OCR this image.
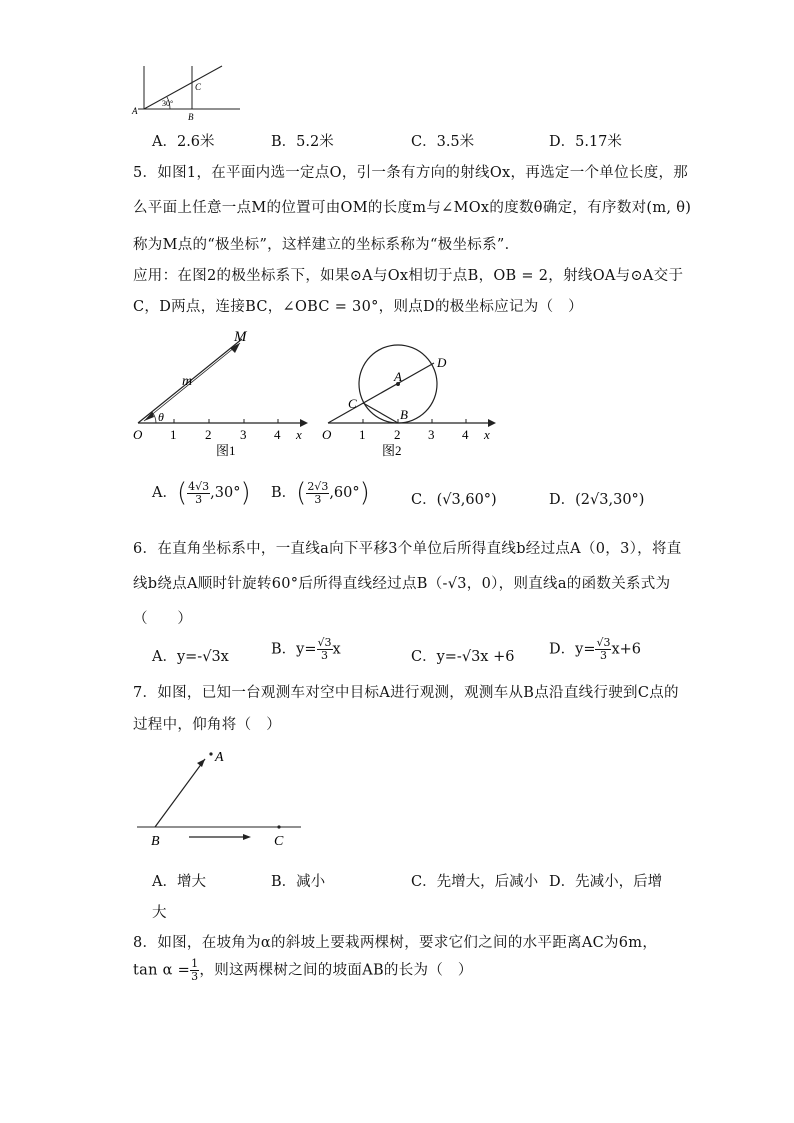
A
B
C
30°
A．2.6米	B．5.2米	C．3.5米	D．5.17米
5．如图1，在平面内选一定点O，引一条有方向的射线Ox，再选定一个单位长度，那
么平面上任意一点M的位置可由OM的长度m与∠MOx的度数θ确定，有序数对(m, θ)
称为M点的“极坐标”，这样建立的坐标系称为“极坐标系”．
应用：在图2的极坐标系下，如果⊙A与Ox相切于点B，OB = 2，射线OA与⊙A交于
C，D两点，连接BC，∠OBC = 30°，则点D的极坐标应记为（　）
O 1 2 3 4 x
m
M
θ
图1
O 1 2 3 4 x
A
B
C
D
图2
A．( $\frac{4√3}{3} ,30^\circ$) B．( $\frac{2√3}{3} ,60^\circ$)	C．(√3,60°)	D．(2√3,30°)
6．在直角坐标系中，一直线a向下平移3个单位后所得直线b经过点A（0，3），将直
线b绕点A顺时针旋转60°后所得直线经过点B（-√3，0），则直线a的函数关系式为
（　　）
A．y=-√3x	B．$y= \frac{√3}{3}$ x	C．y=-√3x +6 D．$y= \frac{√3}{3} x+6$
7．如图，已知一台观测车对空中目标A进行观测，观测车从B点沿直线行驶到C点的
过程中，仰角将（　）
A
B	C
A．增大	B．减小	C．先增大，后减小 D．先减小，后增
大
8．如图，在坡角为α的斜坡上要栽两棵树，要求它们之间的水平距离AC为6m，
$\tan \alpha = \frac{1}{3}$ ，则这两棵树之间的坡面AB的长为（　）
